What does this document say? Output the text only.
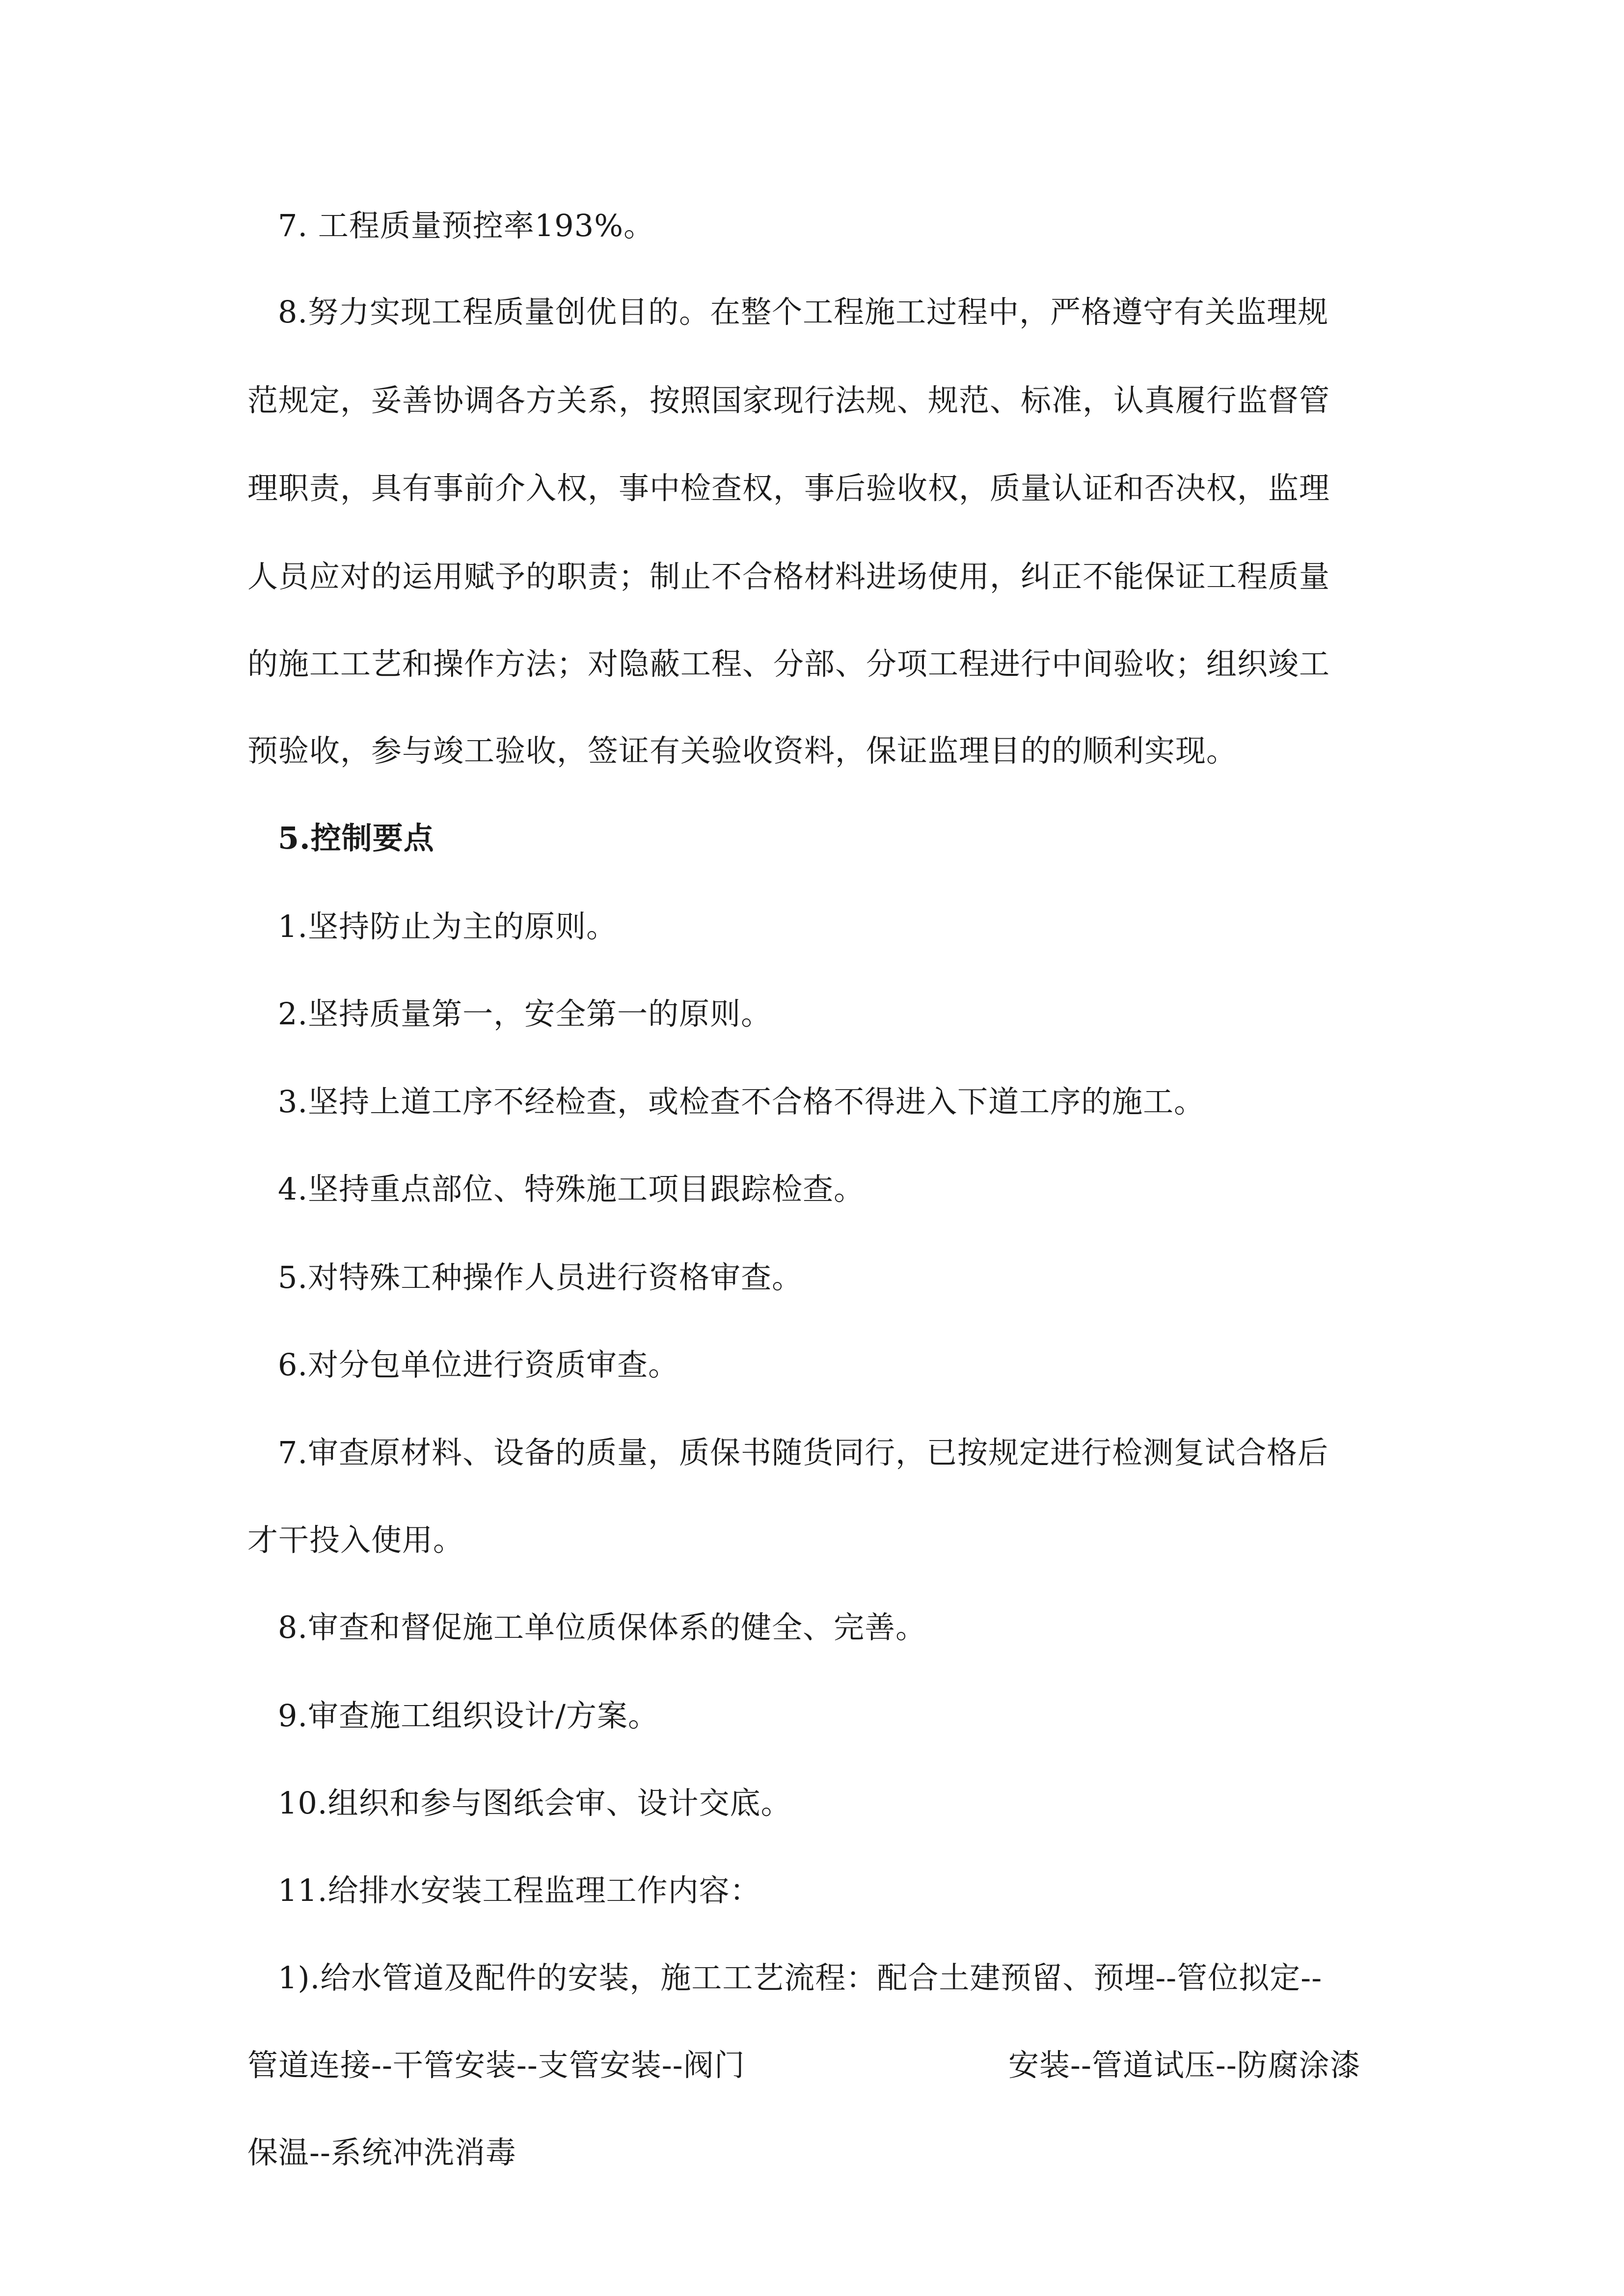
7. 工程质量预控率193%。
8.努力实现工程质量创优目的。在整个工程施工过程中，严格遵守有关监理规
范规定，妥善协调各方关系，按照国家现行法规、规范、标准，认真履行监督管
理职责，具有事前介入权，事中检查权，事后验收权，质量认证和否决权，监理
人员应对的运用赋予的职责；制止不合格材料进场使用，纠正不能保证工程质量
的施工工艺和操作方法；对隐蔽工程、分部、分项工程进行中间验收；组织竣工
预验收，参与竣工验收，签证有关验收资料，保证监理目的的顺利实现。
5.控制要点
1.坚持防止为主的原则。
2.坚持质量第一，安全第一的原则。
3.坚持上道工序不经检查，或检查不合格不得进入下道工序的施工。
4.坚持重点部位、特殊施工项目跟踪检查。
5.对特殊工种操作人员进行资格审查。
6.对分包单位进行资质审查。
7.审查原材料、设备的质量，质保书随货同行，已按规定进行检测复试合格后
才干投入使用。
8.审查和督促施工单位质保体系的健全、完善。
9.审查施工组织设计/方案。
10.组织和参与图纸会审、设计交底。
11.给排水安装工程监理工作内容：
1).给水管道及配件的安装，施工工艺流程：配合土建预留、预埋--管位拟定--
管道连接--干管安装--支管安装--阀门	安装--管道试压--防腐涂漆
保温--系统冲洗消毒
